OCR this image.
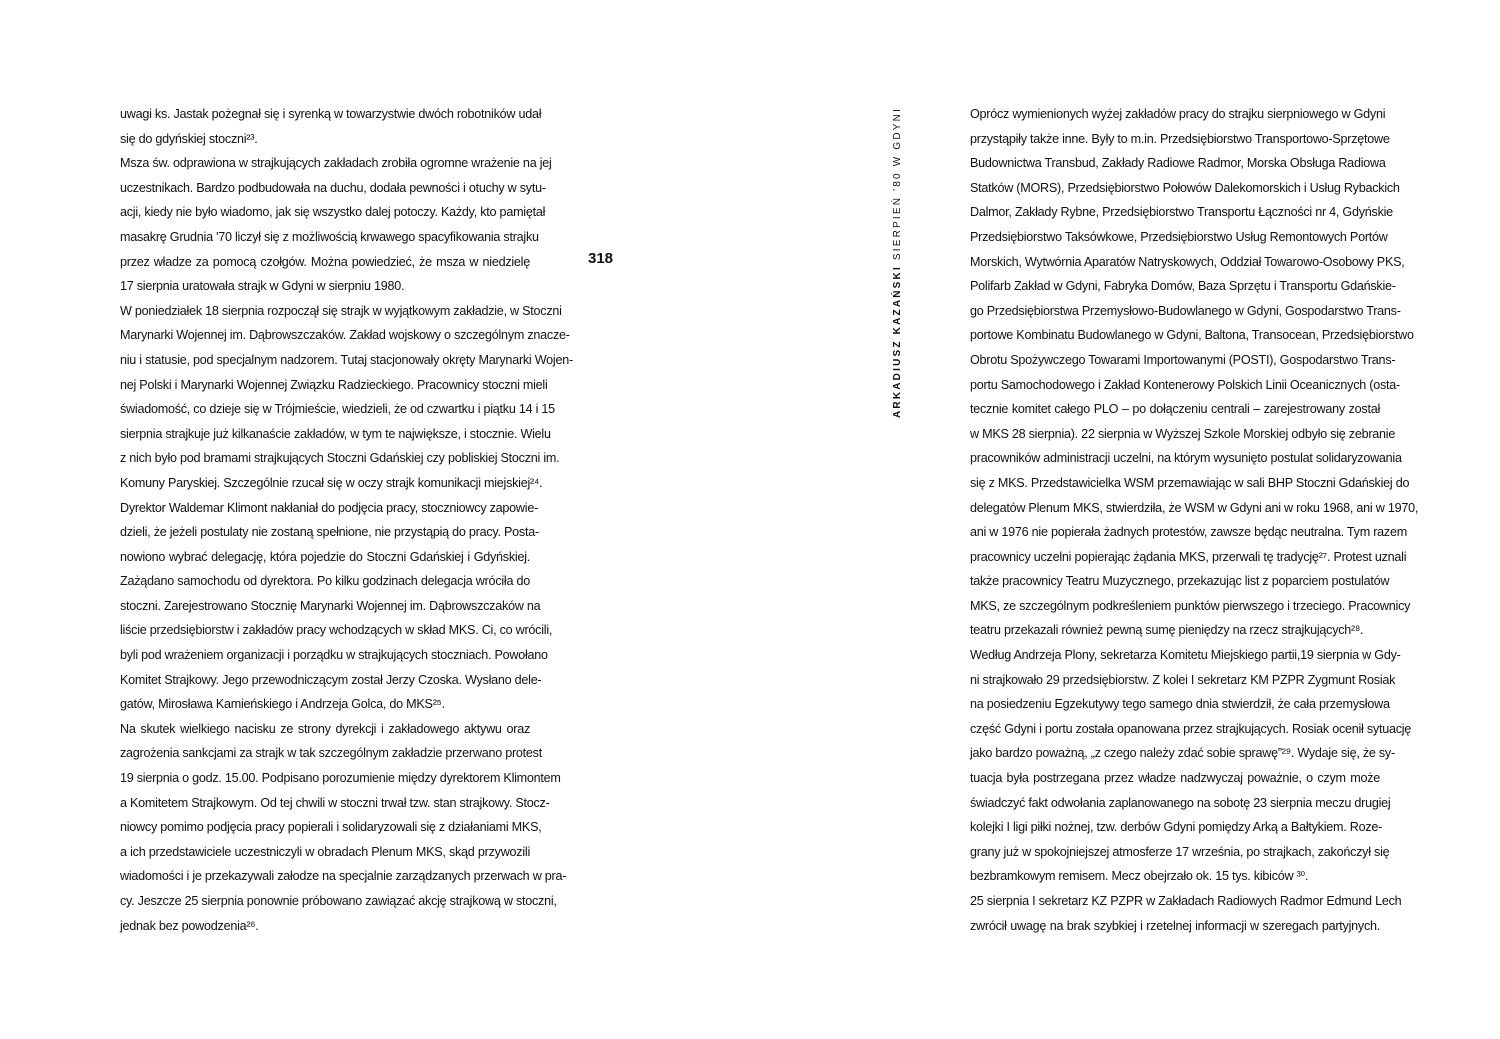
uwagi ks. Jastak pożegnał się i syrenką w towarzystwie dwóch robotników udał
się do gdyńskiej stoczni²³.
Msza św. odprawiona w strajkujących zakładach zrobiła ogromne wrażenie na jej
uczestnikach. Bardzo podbudowała na duchu, dodała pewności i otuchy w sytu-
acji, kiedy nie było wiadomo, jak się wszystko dalej potoczy. Każdy, kto pamiętał
masakrę Grudnia '70 liczył się z możliwością krwawego spacyfikowania strajku
przez władze za pomocą czołgów. Można powiedzieć, że msza w niedzielę
17 sierpnia uratowała strajk w Gdyni w sierpniu 1980.
W poniedziałek 18 sierpnia rozpoczął się strajk w wyjątkowym zakładzie, w Stoczni
Marynarki Wojennej im. Dąbrowszczaków. Zakład wojskowy o szczególnym znacze-
niu i statusie, pod specjalnym nadzorem. Tutaj stacjonowały okręty Marynarki Wojen-
nej Polski i Marynarki Wojennej Związku Radzieckiego. Pracownicy stoczni mieli
świadomość, co dzieje się w Trójmieście, wiedzieli, że od czwartku i piątku 14 i 15
sierpnia strajkuje już kilkanaście zakładów, w tym te największe, i stocznie. Wielu
z nich było pod bramami strajkujących Stoczni Gdańskiej czy pobliskiej Stoczni im.
Komuny Paryskiej. Szczególnie rzucał się w oczy strajk komunikacji miejskiej²⁴.
Dyrektor Waldemar Klimont nakłaniał do podjęcia pracy, stoczniowcy zapowie-
dzieli, że jeżeli postulaty nie zostaną spełnione, nie przystąpią do pracy. Posta-
nowiono wybrać delegację, która pojedzie do Stoczni Gdańskiej i Gdyńskiej.
Zażądano samochodu od dyrektora. Po kilku godzinach delegacja wróciła do
stoczni. Zarejestrowano Stocznię Marynarki Wojennej im. Dąbrowszczaków na
liście przedsiębiorstw i zakładów pracy wchodzących w skład MKS. Ci, co wrócili,
byli pod wrażeniem organizacji i porządku w strajkujących stoczniach. Powołano
Komitet Strajkowy. Jego przewodniczącym został Jerzy Czoska. Wysłano dele-
gatów, Mirosława Kamieńskiego i Andrzeja Golca, do MKS²⁵.
Na skutek wielkiego nacisku ze strony dyrekcji i zakładowego aktywu oraz
zagrożenia sankcjami za strajk w tak szczególnym zakładzie przerwano protest
19 sierpnia o godz. 15.00. Podpisano porozumienie między dyrektorem Klimontem
a Komitetem Strajkowym. Od tej chwili w stoczni trwał tzw. stan strajkowy. Stocz-
niowcy pomimo podjęcia pracy popierali i solidaryzowali się z działaniami MKS,
a ich przedstawiciele uczestniczyli w obradach Plenum MKS, skąd przywozili
wiadomości i je przekazywali załodze na specjalnie zarządzanych przerwach w pra-
cy. Jeszcze 25 sierpnia ponownie próbowano zawiązać akcję strajkową w stoczni,
jednak bez powodzenia²⁶.
318
ARKADIUSZ KAZAŃSKI SIERPIEŃ '80 W GDYNI	Oprócz wymienionych wyżej zakładów pracy do strajku sierpniowego w Gdyni
przystąpiły także inne. Były to m.in. Przedsiębiorstwo Transportowo-Sprzętowe
Budownictwa Transbud, Zakłady Radiowe Radmor, Morska Obsługa Radiowa
Statków (MORS), Przedsiębiorstwo Połowów Dalekomorskich i Usług Rybackich
Dalmor, Zakłady Rybne, Przedsiębiorstwo Transportu Łączności nr 4, Gdyńskie
Przedsiębiorstwo Taksówkowe, Przedsiębiorstwo Usług Remontowych Portów
Morskich, Wytwórnia Aparatów Natryskowych, Oddział Towarowo-Osobowy PKS,
Polifarb Zakład w Gdyni, Fabryka Domów, Baza Sprzętu i Transportu Gdańskie-
go Przedsiębiorstwa Przemysłowo-Budowlanego w Gdyni, Gospodarstwo Trans-
portowe Kombinatu Budowlanego w Gdyni, Baltona, Transocean, Przedsiębiorstwo
Obrotu Spożywczego Towarami Importowanymi (POSTI), Gospodarstwo Trans-
portu Samochodowego i Zakład Kontenerowy Polskich Linii Oceanicznych (osta-
tecznie komitet całego PLO – po dołączeniu centrali – zarejestrowany został
w MKS 28 sierpnia). 22 sierpnia w Wyższej Szkole Morskiej odbyło się zebranie
pracowników administracji uczelni, na którym wysunięto postulat solidaryzowania
się z MKS. Przedstawicielka WSM przemawiając w sali BHP Stoczni Gdańskiej do
delegatów Plenum MKS, stwierdziła, że WSM w Gdyni ani w roku 1968, ani w 1970,
ani w 1976 nie popierała żadnych protestów, zawsze będąc neutralna. Tym razem
pracownicy uczelni popierając żądania MKS, przerwali tę tradycję²⁷. Protest uznali
także pracownicy Teatru Muzycznego, przekazując list z poparciem postulatów
MKS, ze szczególnym podkreśleniem punktów pierwszego i trzeciego. Pracownicy
teatru przekazali również pewną sumę pieniędzy na rzecz strajkujących²⁸.
Według Andrzeja Plony, sekretarza Komitetu Miejskiego partii,19 sierpnia w Gdy-
ni strajkowało 29 przedsiębiorstw. Z kolei I sekretarz KM PZPR Zygmunt Rosiak
na posiedzeniu Egzekutywy tego samego dnia stwierdził, że cała przemysłowa
część Gdyni i portu została opanowana przez strajkujących. Rosiak ocenił sytuację
jako bardzo poważną, „z czego należy zdać sobie sprawę”²⁹. Wydaje się, że sy-
tuacja była postrzegana przez władze nadzwyczaj poważnie, o czym może
świadczyć fakt odwołania zaplanowanego na sobotę 23 sierpnia meczu drugiej
kolejki I ligi piłki nożnej, tzw. derbów Gdyni pomiędzy Arką a Bałtykiem. Roze-
grany już w spokojniejszej atmosferze 17 września, po strajkach, zakończył się
bezbramkowym remisem. Mecz obejrzało ok. 15 tys. kibiców ³⁰.
25 sierpnia I sekretarz KZ PZPR w Zakładach Radiowych Radmor Edmund Lech
zwrócił uwagę na brak szybkiej i rzetelnej informacji w szeregach partyjnych.
